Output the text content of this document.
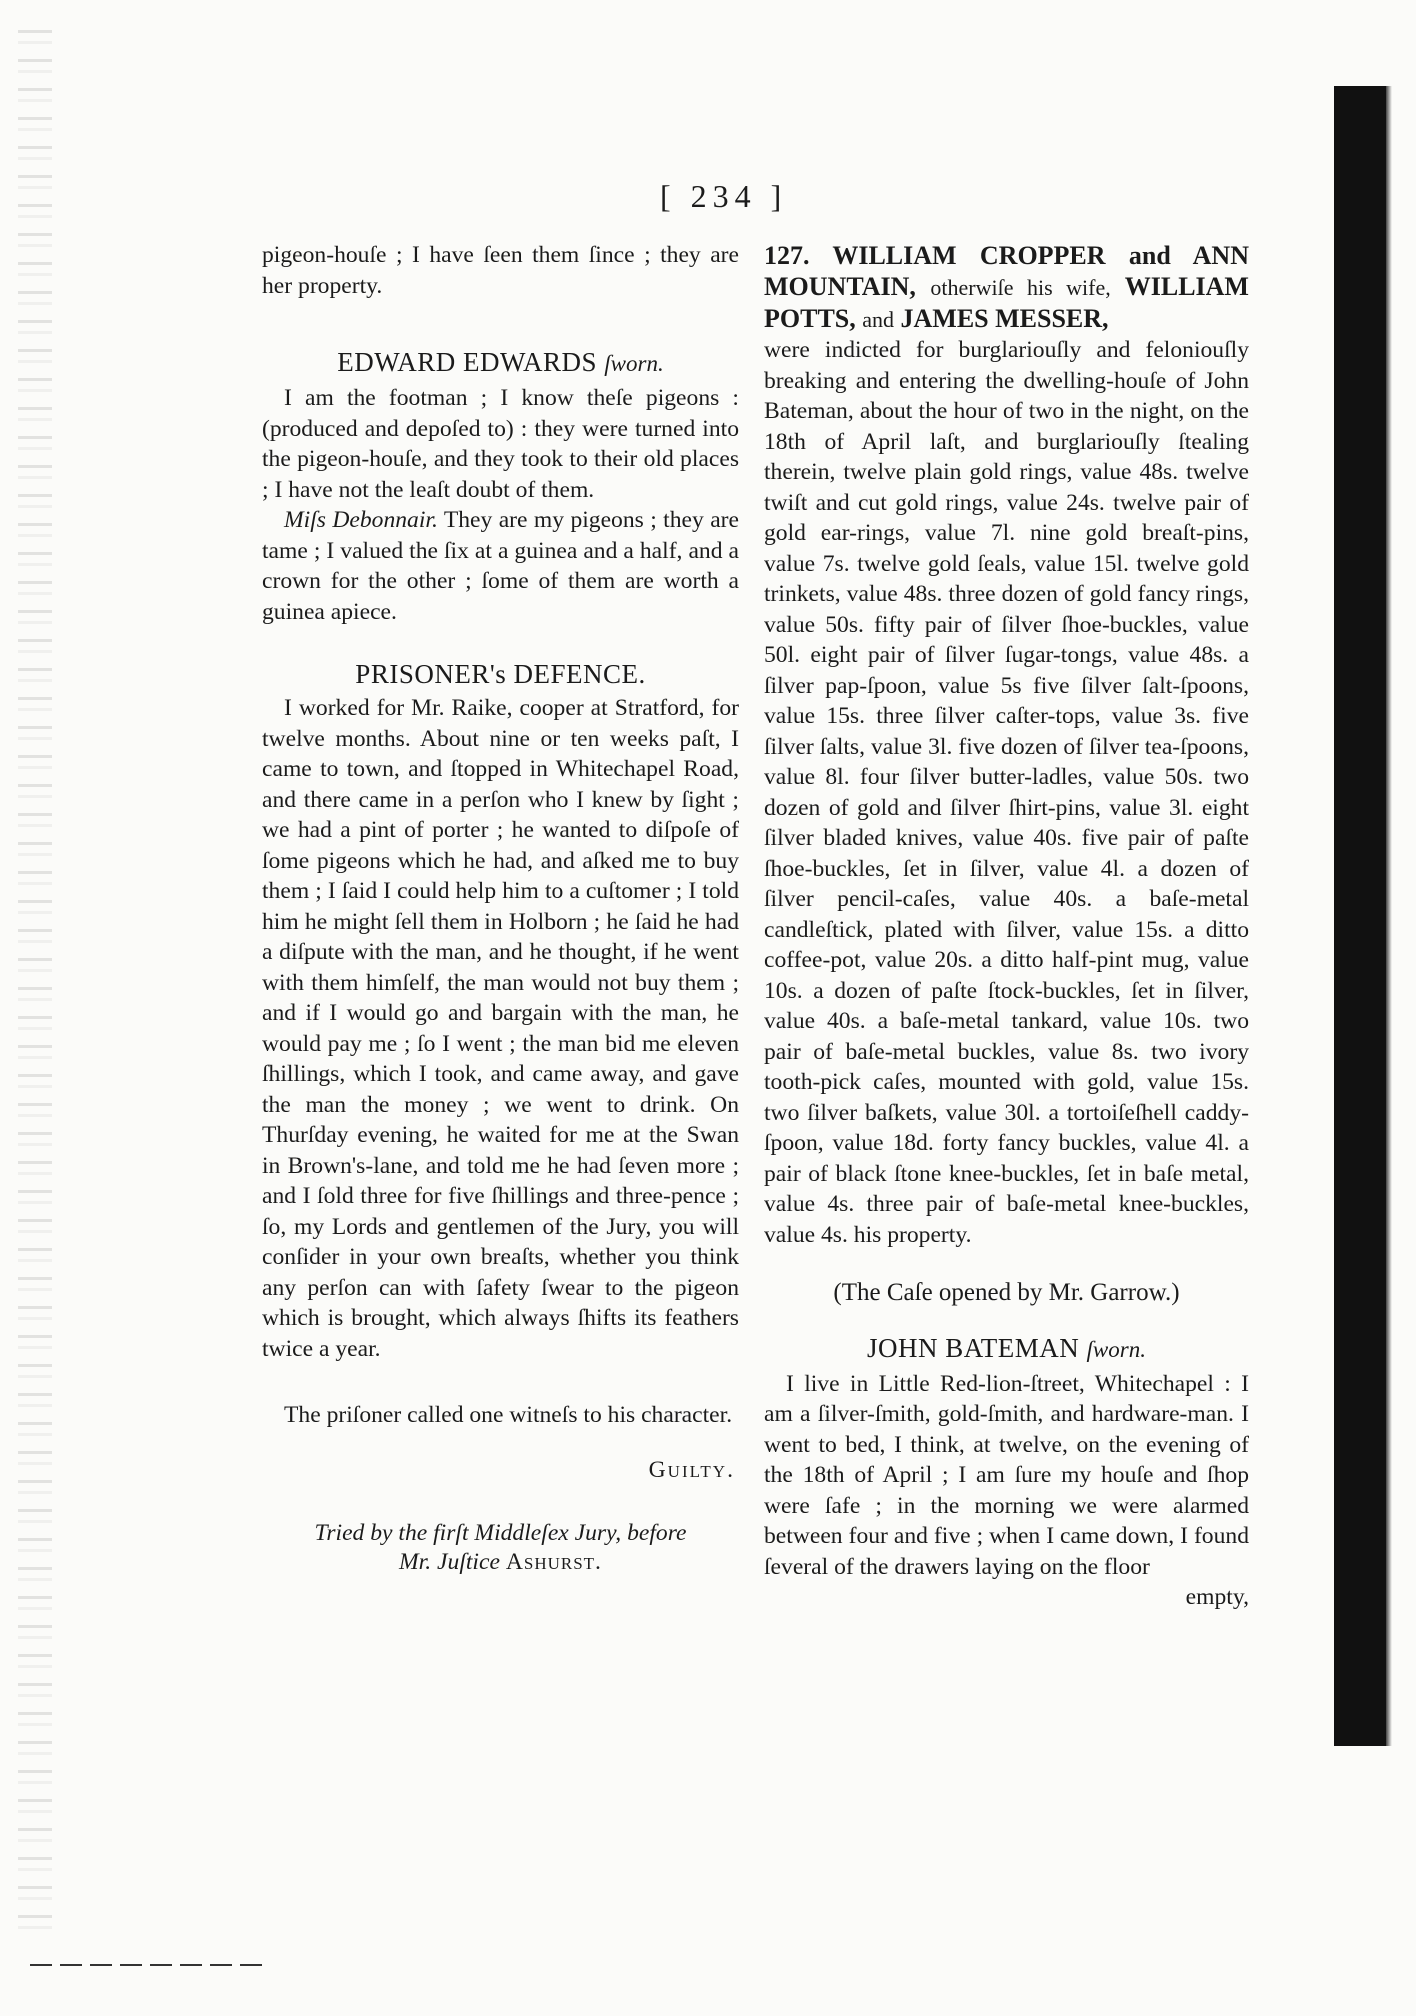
[ 234 ]

pigeon-houſe ; I have ſeen them ſince ; they are her property.

EDWARD EDWARDS ſworn.

I am the footman ; I know theſe pigeons : (produced and depoſed to) : they were turned into the pigeon-houſe, and they took to their old places ; I have not the leaſt doubt of them.

Miſs Debonnair. They are my pigeons ; they are tame ; I valued the ſix at a guinea and a half, and a crown for the other ; ſome of them are worth a guinea apiece.

PRISONER's DEFENCE.

I worked for Mr. Raike, cooper at Stratford, for twelve months. About nine or ten weeks paſt, I came to town, and ſtopped in Whitechapel Road, and there came in a perſon who I knew by ſight ; we had a pint of porter ; he wanted to diſpoſe of ſome pigeons which he had, and aſked me to buy them ; I ſaid I could help him to a cuſtomer ; I told him he might ſell them in Holborn ; he ſaid he had a diſpute with the man, and he thought, if he went with them himſelf, the man would not buy them ; and if I would go and bargain with the man, he would pay me ; ſo I went ; the man bid me eleven ſhillings, which I took, and came away, and gave the man the money ; we went to drink. On Thurſday evening, he waited for me at the Swan in Brown's-lane, and told me he had ſeven more ; and I ſold three for five ſhillings and three-pence ; ſo, my Lords and gentlemen of the Jury, you will conſider in your own breaſts, whether you think any perſon can with ſafety ſwear to the pigeon which is brought, which always ſhifts its feathers twice a year.

The priſoner called one witneſs to his character.

Guilty.
Tried by the firſt Middleſex Jury, before
Mr. Juſtice Ashurst.

127. WILLIAM CROPPER and ANN MOUNTAIN, otherwiſe his wife, WILLIAM POTTS, and JAMES MESSER,

were indicted for burglariouſly and feloniouſly breaking and entering the dwelling-houſe of John Bateman, about the hour of two in the night, on the 18th of April laſt, and burglariouſly ſtealing therein, twelve plain gold rings, value 48s. twelve twiſt and cut gold rings, value 24s. twelve pair of gold ear-rings, value 7l. nine gold breaſt-pins, value 7s. twelve gold ſeals, value 15l. twelve gold trinkets, value 48s. three dozen of gold fancy rings, value 50s. fifty pair of ſilver ſhoe-buckles, value 50l. eight pair of ſilver ſugar-tongs, value 48s. a ſilver pap-ſpoon, value 5s five ſilver ſalt-ſpoons, value 15s. three ſilver caſter-tops, value 3s. five ſilver ſalts, value 3l. five dozen of ſilver tea-ſpoons, value 8l. four ſilver butter-ladles, value 50s. two dozen of gold and ſilver ſhirt-pins, value 3l. eight ſilver bladed knives, value 40s. five pair of paſte ſhoe-buckles, ſet in ſilver, value 4l. a dozen of ſilver pencil-caſes, value 40s. a baſe-metal candleſtick, plated with ſilver, value 15s. a ditto coffee-pot, value 20s. a ditto half-pint mug, value 10s. a dozen of paſte ſtock-buckles, ſet in ſilver, value 40s. a baſe-metal tankard, value 10s. two pair of baſe-metal buckles, value 8s. two ivory tooth-pick caſes, mounted with gold, value 15s. two ſilver baſkets, value 30l. a tortoiſeſhell caddy-ſpoon, value 18d. forty fancy buckles, value 4l. a pair of black ſtone knee-buckles, ſet in baſe metal, value 4s. three pair of baſe-metal knee-buckles, value 4s. his property.

(The Caſe opened by Mr. Garrow.)
JOHN BATEMAN ſworn.

I live in Little Red-lion-ſtreet, Whitechapel : I am a ſilver-ſmith, gold-ſmith, and hardware-man. I went to bed, I think, at twelve, on the evening of the 18th of April ; I am ſure my houſe and ſhop were ſafe ; in the morning we were alarmed between four and five ; when I came down, I found ſeveral of the drawers laying on the floor

empty,
